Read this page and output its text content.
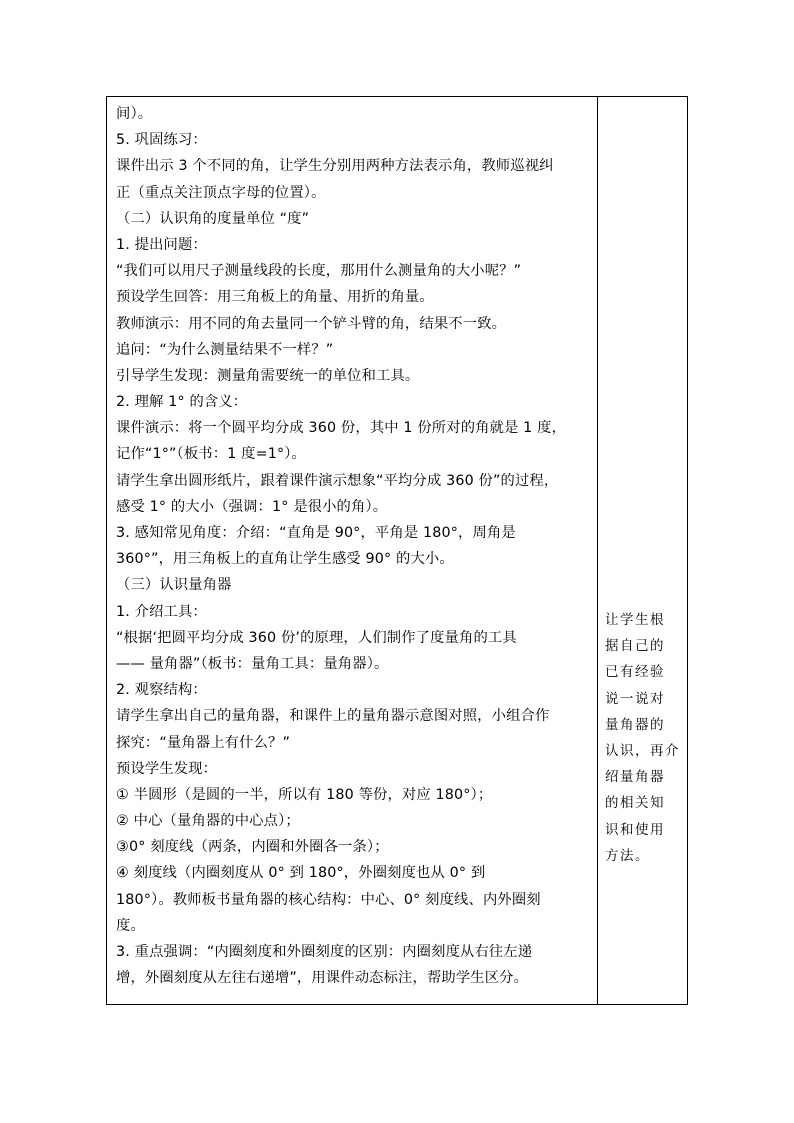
间）。
5. 巩固练习：
课件出示 3 个不同的角，让学生分别用两种方法表示角，教师巡视纠
正（重点关注顶点字母的位置）。
（二）认识角的度量单位 “度”
1. 提出问题：
“我们可以用尺子测量线段的长度，那用什么测量角的大小呢？”
预设学生回答：用三角板上的角量、用折的角量。
教师演示：用不同的角去量同一个铲斗臂的角，结果不一致。
追问：“为什么测量结果不一样？”
引导学生发现：测量角需要统一的单位和工具。
2. 理解 1° 的含义：
课件演示：将一个圆平均分成 360 份，其中 1 份所对的角就是 1 度，
记作“1°”（板书：1 度=1°）。
请学生拿出圆形纸片，跟着课件演示想象“平均分成 360 份”的过程，
感受 1° 的大小（强调：1° 是很小的角）。
3. 感知常见角度：介绍：“直角是 90°，平角是 180°，周角是
360°”，用三角板上的直角让学生感受 90° 的大小。
（三）认识量角器
1. 介绍工具：
“根据‘把圆平均分成 360 份’的原理，人们制作了度量角的工具
—— 量角器”（板书：量角工具：量角器）。
2. 观察结构：
请学生拿出自己的量角器，和课件上的量角器示意图对照，小组合作
探究：“量角器上有什么？”
预设学生发现：
① 半圆形（是圆的一半，所以有 180 等份，对应 180°）；
② 中心（量角器的中心点）；
③0° 刻度线（两条，内圈和外圈各一条）；
④ 刻度线（内圈刻度从 0° 到 180°，外圈刻度也从 0° 到
180°）。教师板书量角器的核心结构：中心、0° 刻度线、内外圈刻
度。
3. 重点强调：“内圈刻度和外圈刻度的区别：内圈刻度从右往左递
增，外圈刻度从左往右递增”，用课件动态标注，帮助学生区分。
让学生根
据自己的
已有经验
说一说对
量角器的
认识，再介
绍量角器
的相关知
识和使用
方法。
